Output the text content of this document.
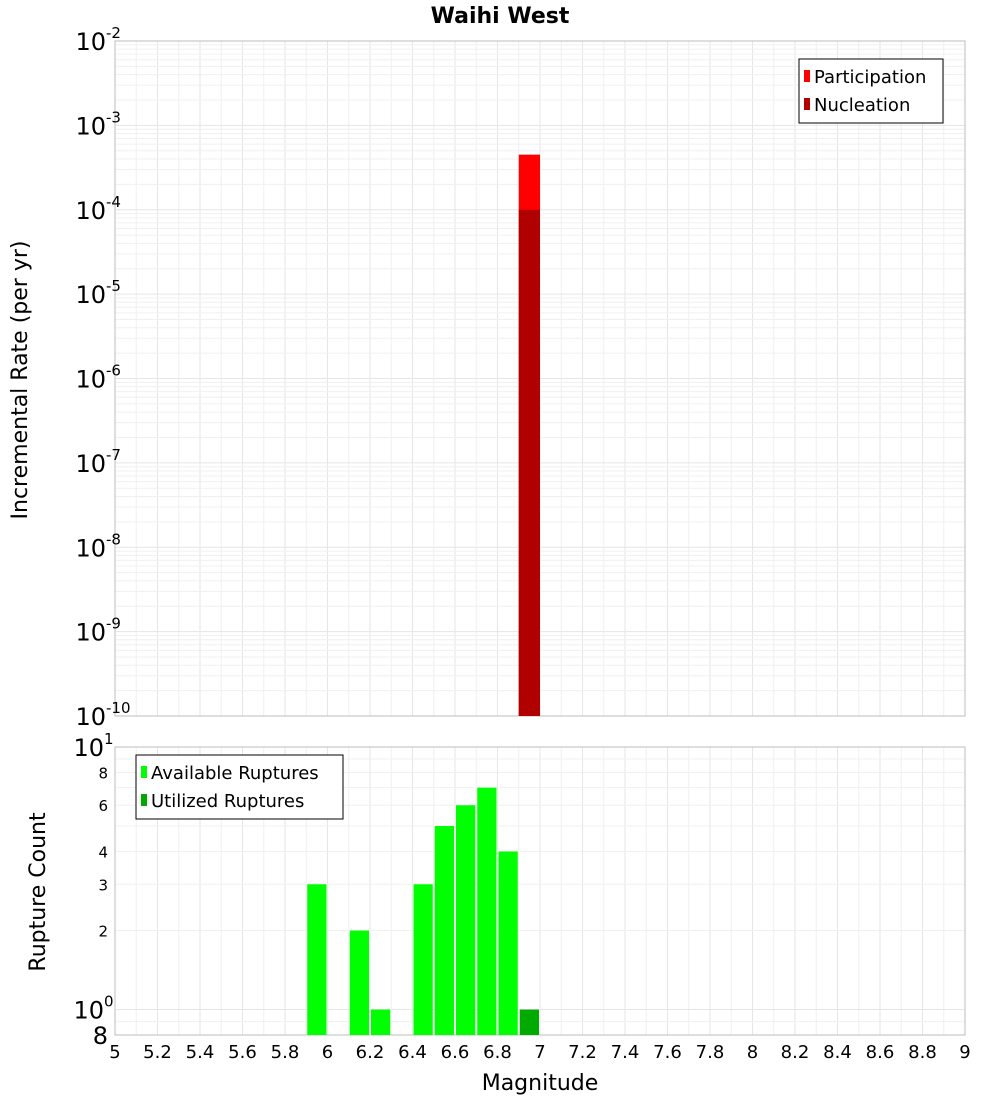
Waihi West
Incremental Rate (per yr)
Rupture Count
Magnitude
10 -10
10 -9
10 -8
10 -7
10 -6
10 -5
10 -4
10 -3
10 -2
8
2
3
4
6
8
10 0
10 1
Participation
Nucleation
Available Ruptures
Utilized Ruptures
5 5.2 5.4 5.6 5.8 6 6.2 6.4 6.6 6.8 7 7.2 7.4 7.6 7.8 8 8.2 8.4 8.6 8.8 9
